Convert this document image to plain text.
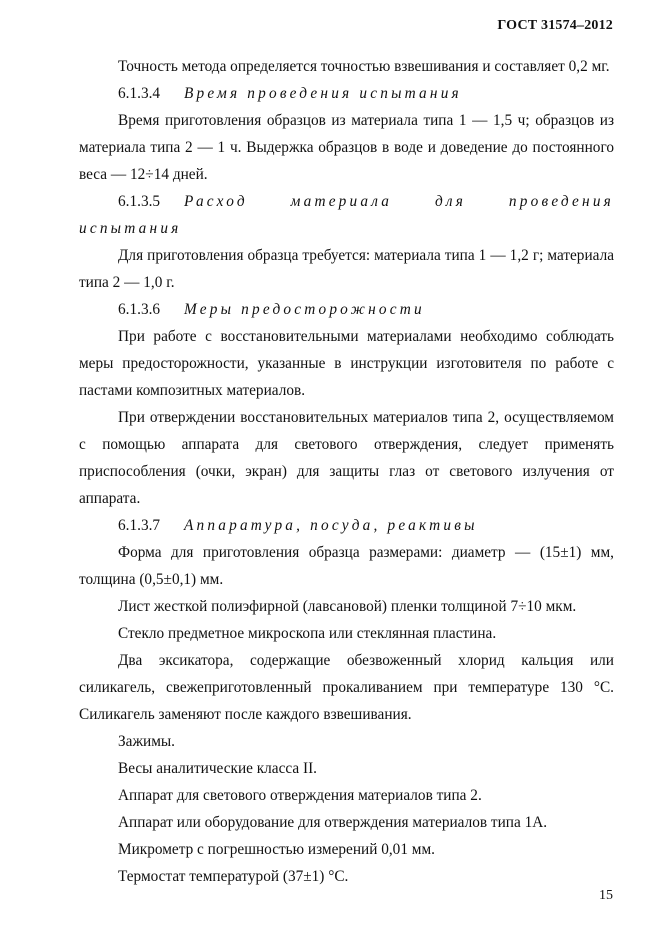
ГОСТ 31574–2012

Точность метода определяется точностью взвешивания и составляет 0,2 мг.

6.1.3.4 Время проведения испытания

Время приготовления образцов из материала типа 1 — 1,5 ч; образцов из материала типа 2 — 1 ч. Выдержка образцов в воде и доведение до постоянного веса — 12÷14 дней.

6.1.3.5 Расход материала для проведения испытания

Для приготовления образца требуется: материала типа 1 — 1,2 г; материала типа 2 — 1,0 г.

6.1.3.6 Меры предосторожности

При работе с восстановительными материалами необходимо соблюдать меры предосторожности, указанные в инструкции изготовителя по работе с пастами композитных материалов.

При отверждении восстановительных материалов типа 2, осуществляемом с помощью аппарата для светового отверждения, следует применять приспособления (очки, экран) для защиты глаз от светового излучения от аппарата.

6.1.3.7 Аппаратура, посуда, реактивы

Форма для приготовления образца размерами: диаметр — (15±1) мм, толщина (0,5±0,1) мм.

Лист жесткой полиэфирной (лавсановой) пленки толщиной 7÷10 мкм.

Стекло предметное микроскопа или стеклянная пластина.

Два эксикатора, содержащие обезвоженный хлорид кальция или силикагель, свежеприготовленный прокаливанием при температуре 130 °С. Силикагель заменяют после каждого взвешивания.

Зажимы.

Весы аналитические класса II.

Аппарат для светового отверждения материалов типа 2.

Аппарат или оборудование для отверждения материалов типа 1А.

Микрометр с погрешностью измерений 0,01 мм.

Термостат температурой (37±1) °С.

15
